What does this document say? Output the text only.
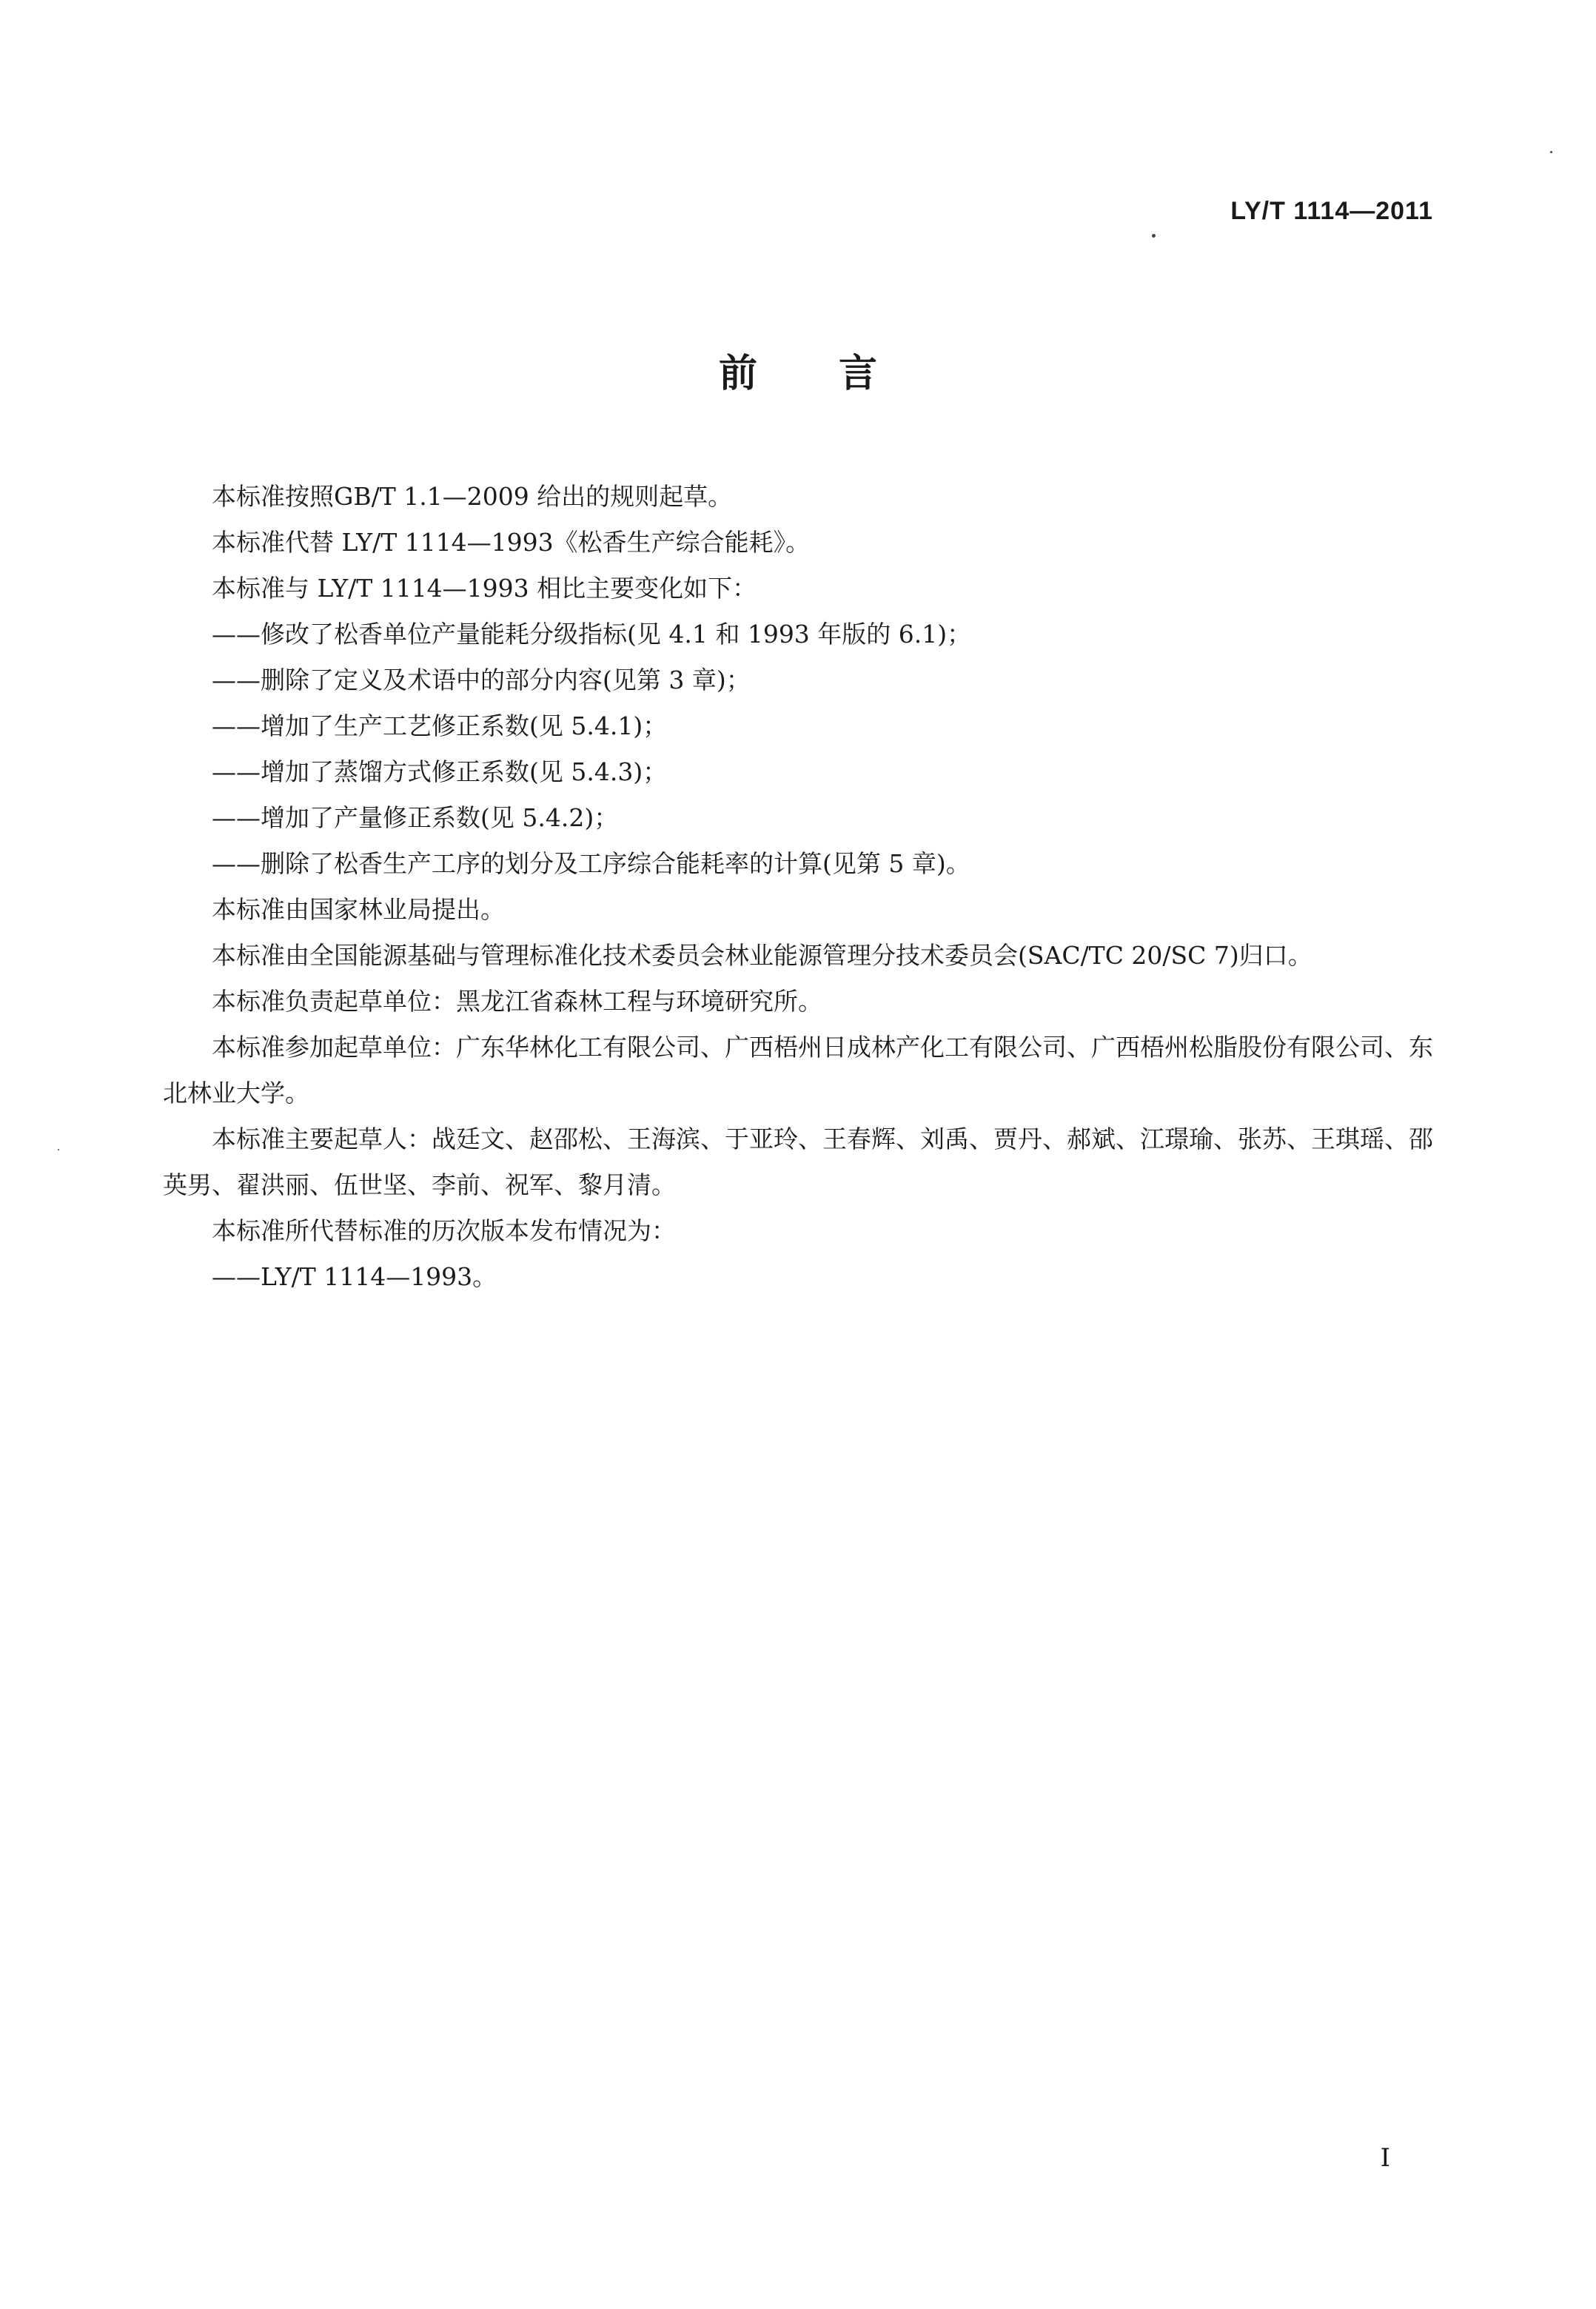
LY/T 1114—2011
前言

本标准按照GB/T 1.1—2009 给出的规则起草。

本标准代替 LY/T 1114—1993《松香生产综合能耗》。

本标准与 LY/T 1114—1993 相比主要变化如下：

——修改了松香单位产量能耗分级指标(见 4.1 和 1993 年版的 6.1)；

——删除了定义及术语中的部分内容(见第 3 章)；

——增加了生产工艺修正系数(见 5.4.1)；

——增加了蒸馏方式修正系数(见 5.4.3)；

——增加了产量修正系数(见 5.4.2)；

——删除了松香生产工序的划分及工序综合能耗率的计算(见第 5 章)。

本标准由国家林业局提出。

本标准由全国能源基础与管理标准化技术委员会林业能源管理分技术委员会(SAC/TC 20/SC 7)归口。

本标准负责起草单位：黑龙江省森林工程与环境研究所。

本标准参加起草单位：广东华林化工有限公司、广西梧州日成林产化工有限公司、广西梧州松脂股份有限公司、东北林业大学。

本标准主要起草人：战廷文、赵邵松、王海滨、于亚玲、王春辉、刘禹、贾丹、郝斌、江璟瑜、张苏、王琪瑶、邵英男、翟洪丽、伍世坚、李前、祝军、黎月清。

本标准所代替标准的历次版本发布情况为：

——LY/T 1114—1993。

I
